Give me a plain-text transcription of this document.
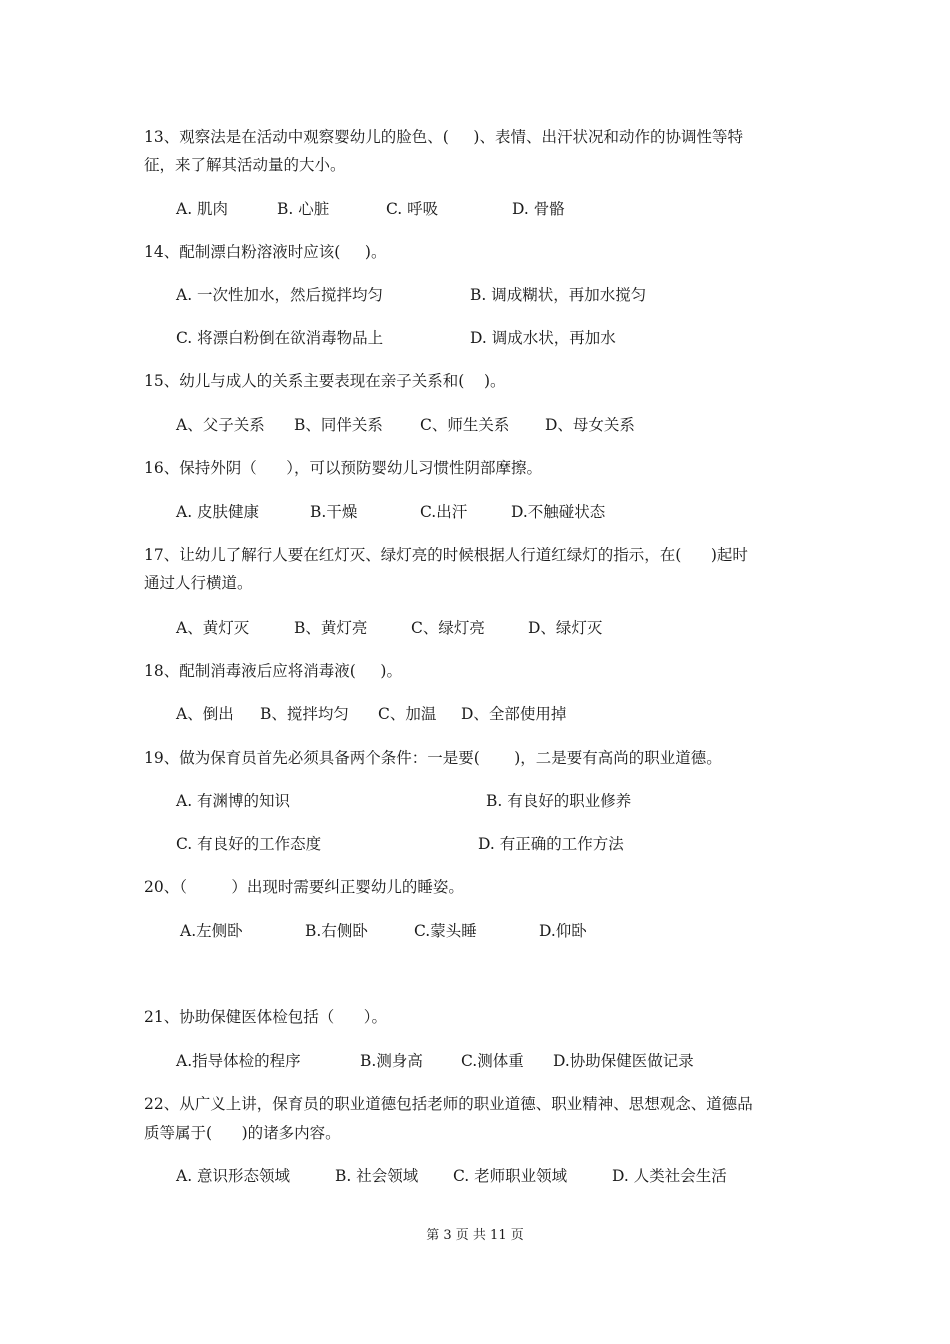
13、观察法是在活动中观察婴幼儿的脸色、(     )、表情、出汗状况和动作的协调性等特
征，来了解其活动量的大小。

A. 肌肉

	B. 心脏

	C. 呼吸

	D. 骨骼

14、配制漂白粉溶液时应该(     )。

A. 一次性加水，然后搅拌均匀

	B. 调成糊状，再加水搅匀

C. 将漂白粉倒在欲消毒物品上

	D. 调成水状，再加水

15、幼儿与成人的关系主要表现在亲子关系和(    )。

A、父子关系

B、同伴关系

C、师生关系

D、母女关系

16、保持外阴（      ），可以预防婴幼儿习惯性阴部摩擦。

A. 皮肤健康

	B.干燥

	C.出汗

	D.不触碰状态

17、让幼儿了解行人要在红灯灭、绿灯亮的时候根据人行道红绿灯的指示，在(      )起时
通过人行横道。

A、黄灯灭

	B、黄灯亮

	C、绿灯亮

	D、绿灯灭

18、配制消毒液后应将消毒液(     )。

A、倒出

B、搅拌均匀

C、加温

D、全部使用掉

19、做为保育员首先必须具备两个条件：一是要(       )，二是要有高尚的职业道德。

A. 有渊博的知识

	B. 有良好的职业修养

C. 有良好的工作态度

	D. 有正确的工作方法

20、（         ）出现时需要纠正婴幼儿的睡姿。

A.左侧卧

	B.右侧卧

	C.蒙头睡

	D.仰卧

21、协助保健医体检包括（      ）。

A.指导体检的程序

	B.测身高

C.测体重

D.协助保健医做记录

22、从广义上讲，保育员的职业道德包括老师的职业道德、职业精神、思想观念、道德品
质等属于(      )的诸多内容。

A. 意识形态领域

	B. 社会领域

C. 老师职业领域

	D. 人类社会生活

第 3 页 共 11 页
